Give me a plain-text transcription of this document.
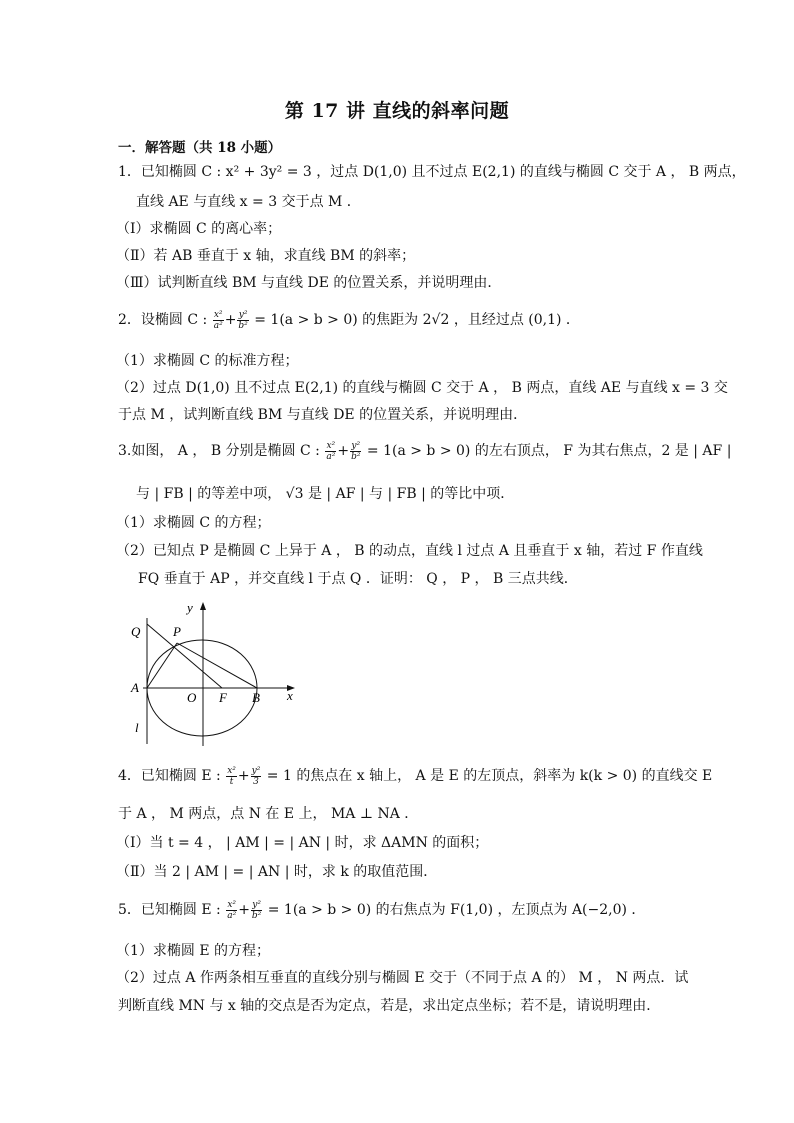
第 17 讲 直线的斜率问题
一．解答题（共 18 小题）
1．已知椭圆 C : x² + 3y² = 3 ，过点 D(1,0) 且不过点 E(2,1) 的直线与椭圆 C 交于 A ， B 两点，
直线 AE 与直线 x = 3 交于点 M ．
（Ⅰ）求椭圆 C 的离心率；
（Ⅱ）若 AB 垂直于 x 轴，求直线 BM 的斜率；
（Ⅲ）试判断直线 BM 与直线 DE 的位置关系，并说明理由．
2．设椭圆 C : $\frac{\text{x²}}{\text{a²}} + \frac{\text{y²}}{\text{b²}} = 1(a > b > 0)$ 的焦距为 2√2 ，且经过点 (0,1) ．
（1）求椭圆 C 的标准方程；
（2）过点 D(1,0) 且不过点 E(2,1) 的直线与椭圆 C 交于 A ， B 两点，直线 AE 与直线 x = 3 交
于点 M ，试判断直线 BM 与直线 DE 的位置关系，并说明理由．
3.如图， A ， B 分别是椭圆 C : $\frac{\text{x²}}{\text{a²}} + \frac{\text{y²}}{\text{b²}} = 1(a > b > 0)$ 的左右顶点， F 为其右焦点，2 是 | AF |
与 | FB | 的等差中项， √3 是 | AF | 与 | FB | 的等比中项．
（1）求椭圆 C 的方程；
（2）已知点 P 是椭圆 C 上异于 A ， B 的动点，直线 l 过点 A 且垂直于 x 轴，若过 F 作直线
FQ 垂直于 AP ，并交直线 l 于点 Q ．证明： Q ， P ， B 三点共线．
Q	P
y
A
O F B x
l
4．已知椭圆 E : $\frac{\text{x²}}{t} + \frac{\text{y²}}{3} = 1$ 的焦点在 x 轴上， A 是 E 的左顶点，斜率为 k(k > 0) 的直线交 E
于 A ， M 两点，点 N 在 E 上， MA ⊥ NA ．
（Ⅰ）当 t = 4 ， | AM | = | AN | 时，求 ΔAMN 的面积；
（Ⅱ）当 2 | AM | = | AN | 时，求 k 的取值范围．
5．已知椭圆 E : $\frac{\text{x²}}{\text{a²}} + \frac{\text{y²}}{\text{b²}} = 1(a > b > 0)$ 的右焦点为 F(1,0) ，左顶点为 A(−2,0) ．
（1）求椭圆 E 的方程；
（2）过点 A 作两条相互垂直的直线分别与椭圆 E 交于（不同于点 A 的） M ， N 两点．试
判断直线 MN 与 x 轴的交点是否为定点，若是，求出定点坐标；若不是，请说明理由．
